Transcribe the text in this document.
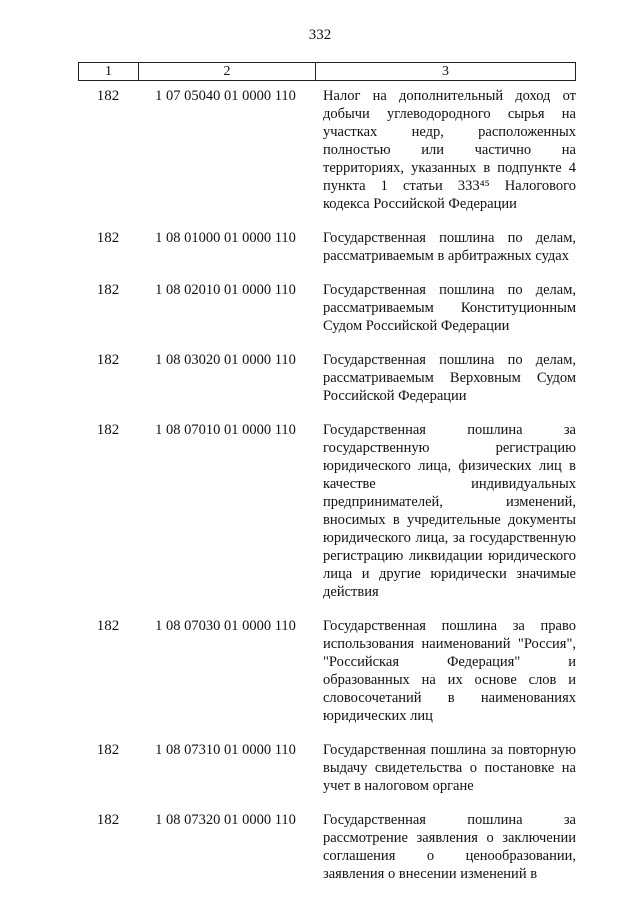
332
1	2	3
182	1 07 05040 01 0000 110	Налог на дополнительный доход от добычи углеводородного сырья на участках недр, расположенных полностью или частично на территориях, указанных в подпункте 4 пункта 1 статьи 333⁴⁵ Налогового кодекса Российской Федерации
182	1 08 01000 01 0000 110	Государственная пошлина по делам, рассматриваемым в арбитражных судах
182	1 08 02010 01 0000 110	Государственная пошлина по делам, рассматриваемым Конституционным Судом Российской Федерации
182	1 08 03020 01 0000 110	Государственная пошлина по делам, рассматриваемым Верховным Судом Российской Федерации
182	1 08 07010 01 0000 110	Государственная пошлина за государственную регистрацию юридического лица, физических лиц в качестве индивидуальных предпринимателей, изменений, вносимых в учредительные документы юридического лица, за государственную регистрацию ликвидации юридического лица и другие юридически значимые действия
182	1 08 07030 01 0000 110	Государственная пошлина за право использования наименований "Россия", "Российская Федерация" и образованных на их основе слов и словосочетаний в наименованиях юридических лиц
182	1 08 07310 01 0000 110	Государственная пошлина за повторную выдачу свидетельства о постановке на учет в налоговом органе
182	1 08 07320 01 0000 110	Государственная пошлина за рассмотрение заявления о заключении соглашения о ценообразовании, заявления о внесении изменений в
